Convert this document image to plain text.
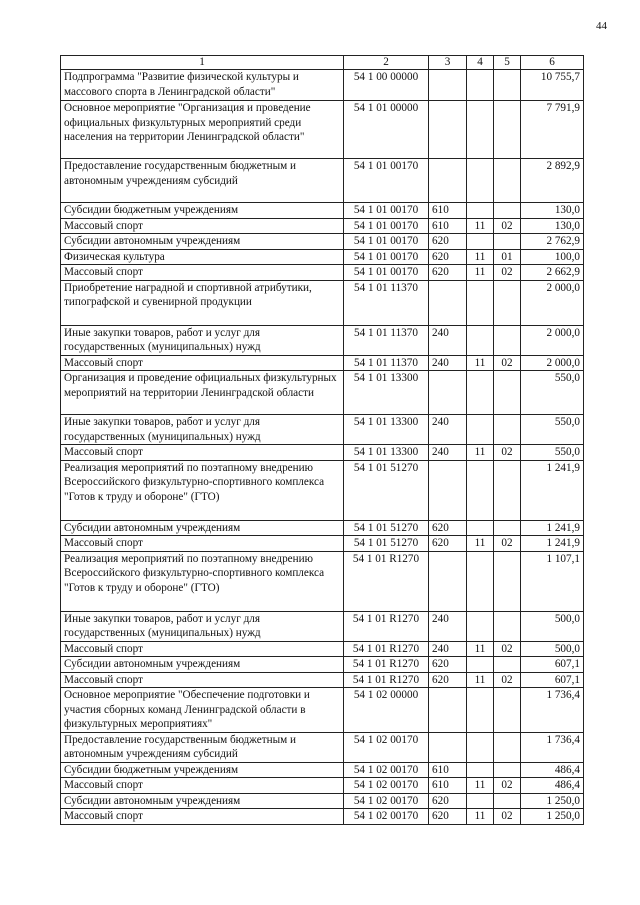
44
1	2	3	4	5	6
Подпрограмма "Развитие физической культуры и массового спорта в Ленинградской области"	54 1 00 00000				10 755,7
Основное мероприятие "Организация и проведение официальных физкультурных мероприятий среди населения на территории Ленинградской области"	54 1 01 00000				7 791,9
Предоставление государственным бюджетным и автономным учреждениям субсидий	54 1 01 00170				2 892,9
Субсидии бюджетным учреждениям	54 1 01 00170	610			130,0
Массовый спорт	54 1 01 00170	610	11	02	130,0
Субсидии автономным учреждениям	54 1 01 00170	620			2 762,9
Физическая культура	54 1 01 00170	620	11	01	100,0
Массовый спорт	54 1 01 00170	620	11	02	2 662,9
Приобретение наградной и спортивной атрибутики, типографской и сувенирной продукции	54 1 01 11370				2 000,0
Иные закупки товаров, работ и услуг для государственных (муниципальных) нужд	54 1 01 11370	240			2 000,0
Массовый спорт	54 1 01 11370	240	11	02	2 000,0
Организация и проведение официальных физкультурных мероприятий на территории Ленинградской области	54 1 01 13300				550,0
Иные закупки товаров, работ и услуг для государственных (муниципальных) нужд	54 1 01 13300	240			550,0
Массовый спорт	54 1 01 13300	240	11	02	550,0
Реализация мероприятий по поэтапному внедрению Всероссийского физкультурно-спортивного комплекса "Готов к труду и обороне" (ГТО)	54 1 01 51270				1 241,9
Субсидии автономным учреждениям	54 1 01 51270	620			1 241,9
Массовый спорт	54 1 01 51270	620	11	02	1 241,9
Реализация мероприятий по поэтапному внедрению Всероссийского физкультурно-спортивного комплекса "Готов к труду и обороне" (ГТО)	54 1 01 R1270				1 107,1
Иные закупки товаров, работ и услуг для государственных (муниципальных) нужд	54 1 01 R1270	240			500,0
Массовый спорт	54 1 01 R1270	240	11	02	500,0
Субсидии автономным учреждениям	54 1 01 R1270	620			607,1
Массовый спорт	54 1 01 R1270	620	11	02	607,1
Основное мероприятие "Обеспечение подготовки и участия сборных команд Ленинградской области в физкультурных мероприятиях"	54 1 02 00000				1 736,4
Предоставление государственным бюджетным и автономным учреждениям субсидий	54 1 02 00170				1 736,4
Субсидии бюджетным учреждениям	54 1 02 00170	610			486,4
Массовый спорт	54 1 02 00170	610	11	02	486,4
Субсидии автономным учреждениям	54 1 02 00170	620			1 250,0
Массовый спорт	54 1 02 00170	620	11	02	1 250,0
